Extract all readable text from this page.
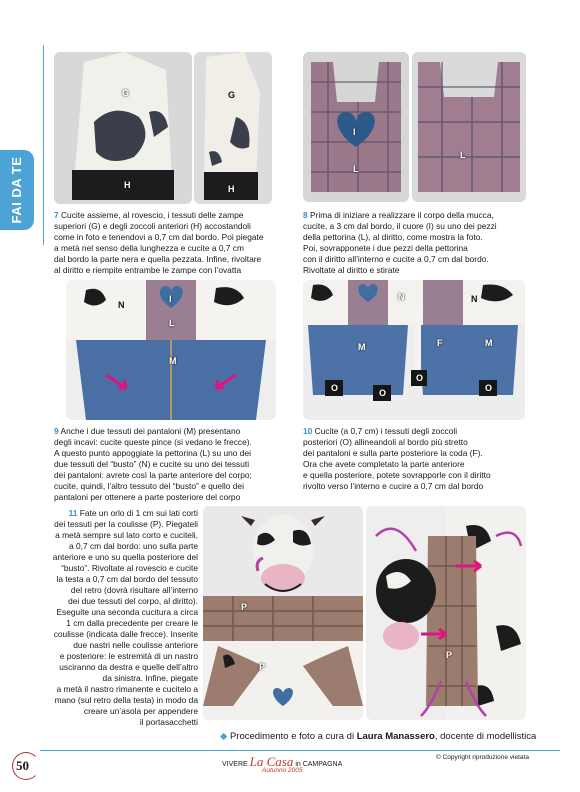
FAI DA TE
G
H
G
H
7 Cucite assieme, al rovescio, i tessuti delle zampe
superiori (G) e degli zoccoli anteriori (H) accostandoli
come in foto e tenendovi a 0,7 cm dal bordo. Poi piegate
a metà nel senso della lunghezza e cucite a 0,7 cm
dal bordo la parte nera e quella pezzata. Infine, rivoltare
al diritto e riempite entrambe le zampe con l’ovatta
I
L
L
8 Prima di iniziare a realizzare il corpo della mucca,
cucite, a 3 cm dal bordo, il cuore (I) su uno dei pezzi
della pettorina (L), al diritto, come mostra la foto.
Poi, sovrapponete i due pezzi della pettorina
con il diritto all’interno e cucite a 0,7 cm dal bordo.
Rivoltate al diritto e stirate
N
I
L
M
9 Anche i due tessuti dei pantaloni (M) presentano
degli incavi: cucite queste pince (si vedano le frecce).
A questo punto appoggiate la pettorina (L) su uno dei
due tessuti del “busto” (N) e cucite su uno dei tessuti
dei pantaloni: avrete così la parte anteriore del corpo;
cucite, quindi, l’altro tessuto del “busto” e quello dei
pantaloni per ottenere a parte posteriore del corpo
N	N
M	F	M
O	O
O
O
10 Cucite (a 0,7 cm) i tessuti degli zoccoli
posteriori (O) allineandoli al bordo più stretto
dei pantaloni e sulla parte posteriore la coda (F).
Ora che avete completato la parte anteriore
e quella posteriore, potete sovrapporle con il diritto
rivolto verso l’interno e cucire a 0,7 cm dal bordo
11 Fate un orlo di 1 cm sui lati corti
dei tessuti per la coulisse (P). Piegateli
a metà sempre sul lato corto e cuciteli,
a 0,7 cm dal bordo: uno sulla parte
anteriore e uno su quella posteriore del
“busto”. Rivoltate al rovescio e cucite
la testa a 0,7 cm dal bordo del tessuto
del retro (dovrà risultare all’interno
dei due tessuti del corpo, al diritto).
Eseguite una seconda cucitura a circa
1 cm dalla precedente per creare le
coulisse (indicata dalle frecce). Inserite
due nastri nelle coulisse anteriore
e posteriore: le estremità di un nastro
usciranno da destra e quelle dell’altro
da sinistra. Infine, piegate
a metà il nastro rimanente e cucitelo a
mano (sul retro della testa) in modo da
creare un’asola per appendere
il portasacchetti
P
P
P
◆ Procedimento e foto a cura di Laura Manassero, docente di modellistica
50	VIVERE La Casa in CAMPAGNA
Autunno 2005
© Copyright riproduzione vietata
